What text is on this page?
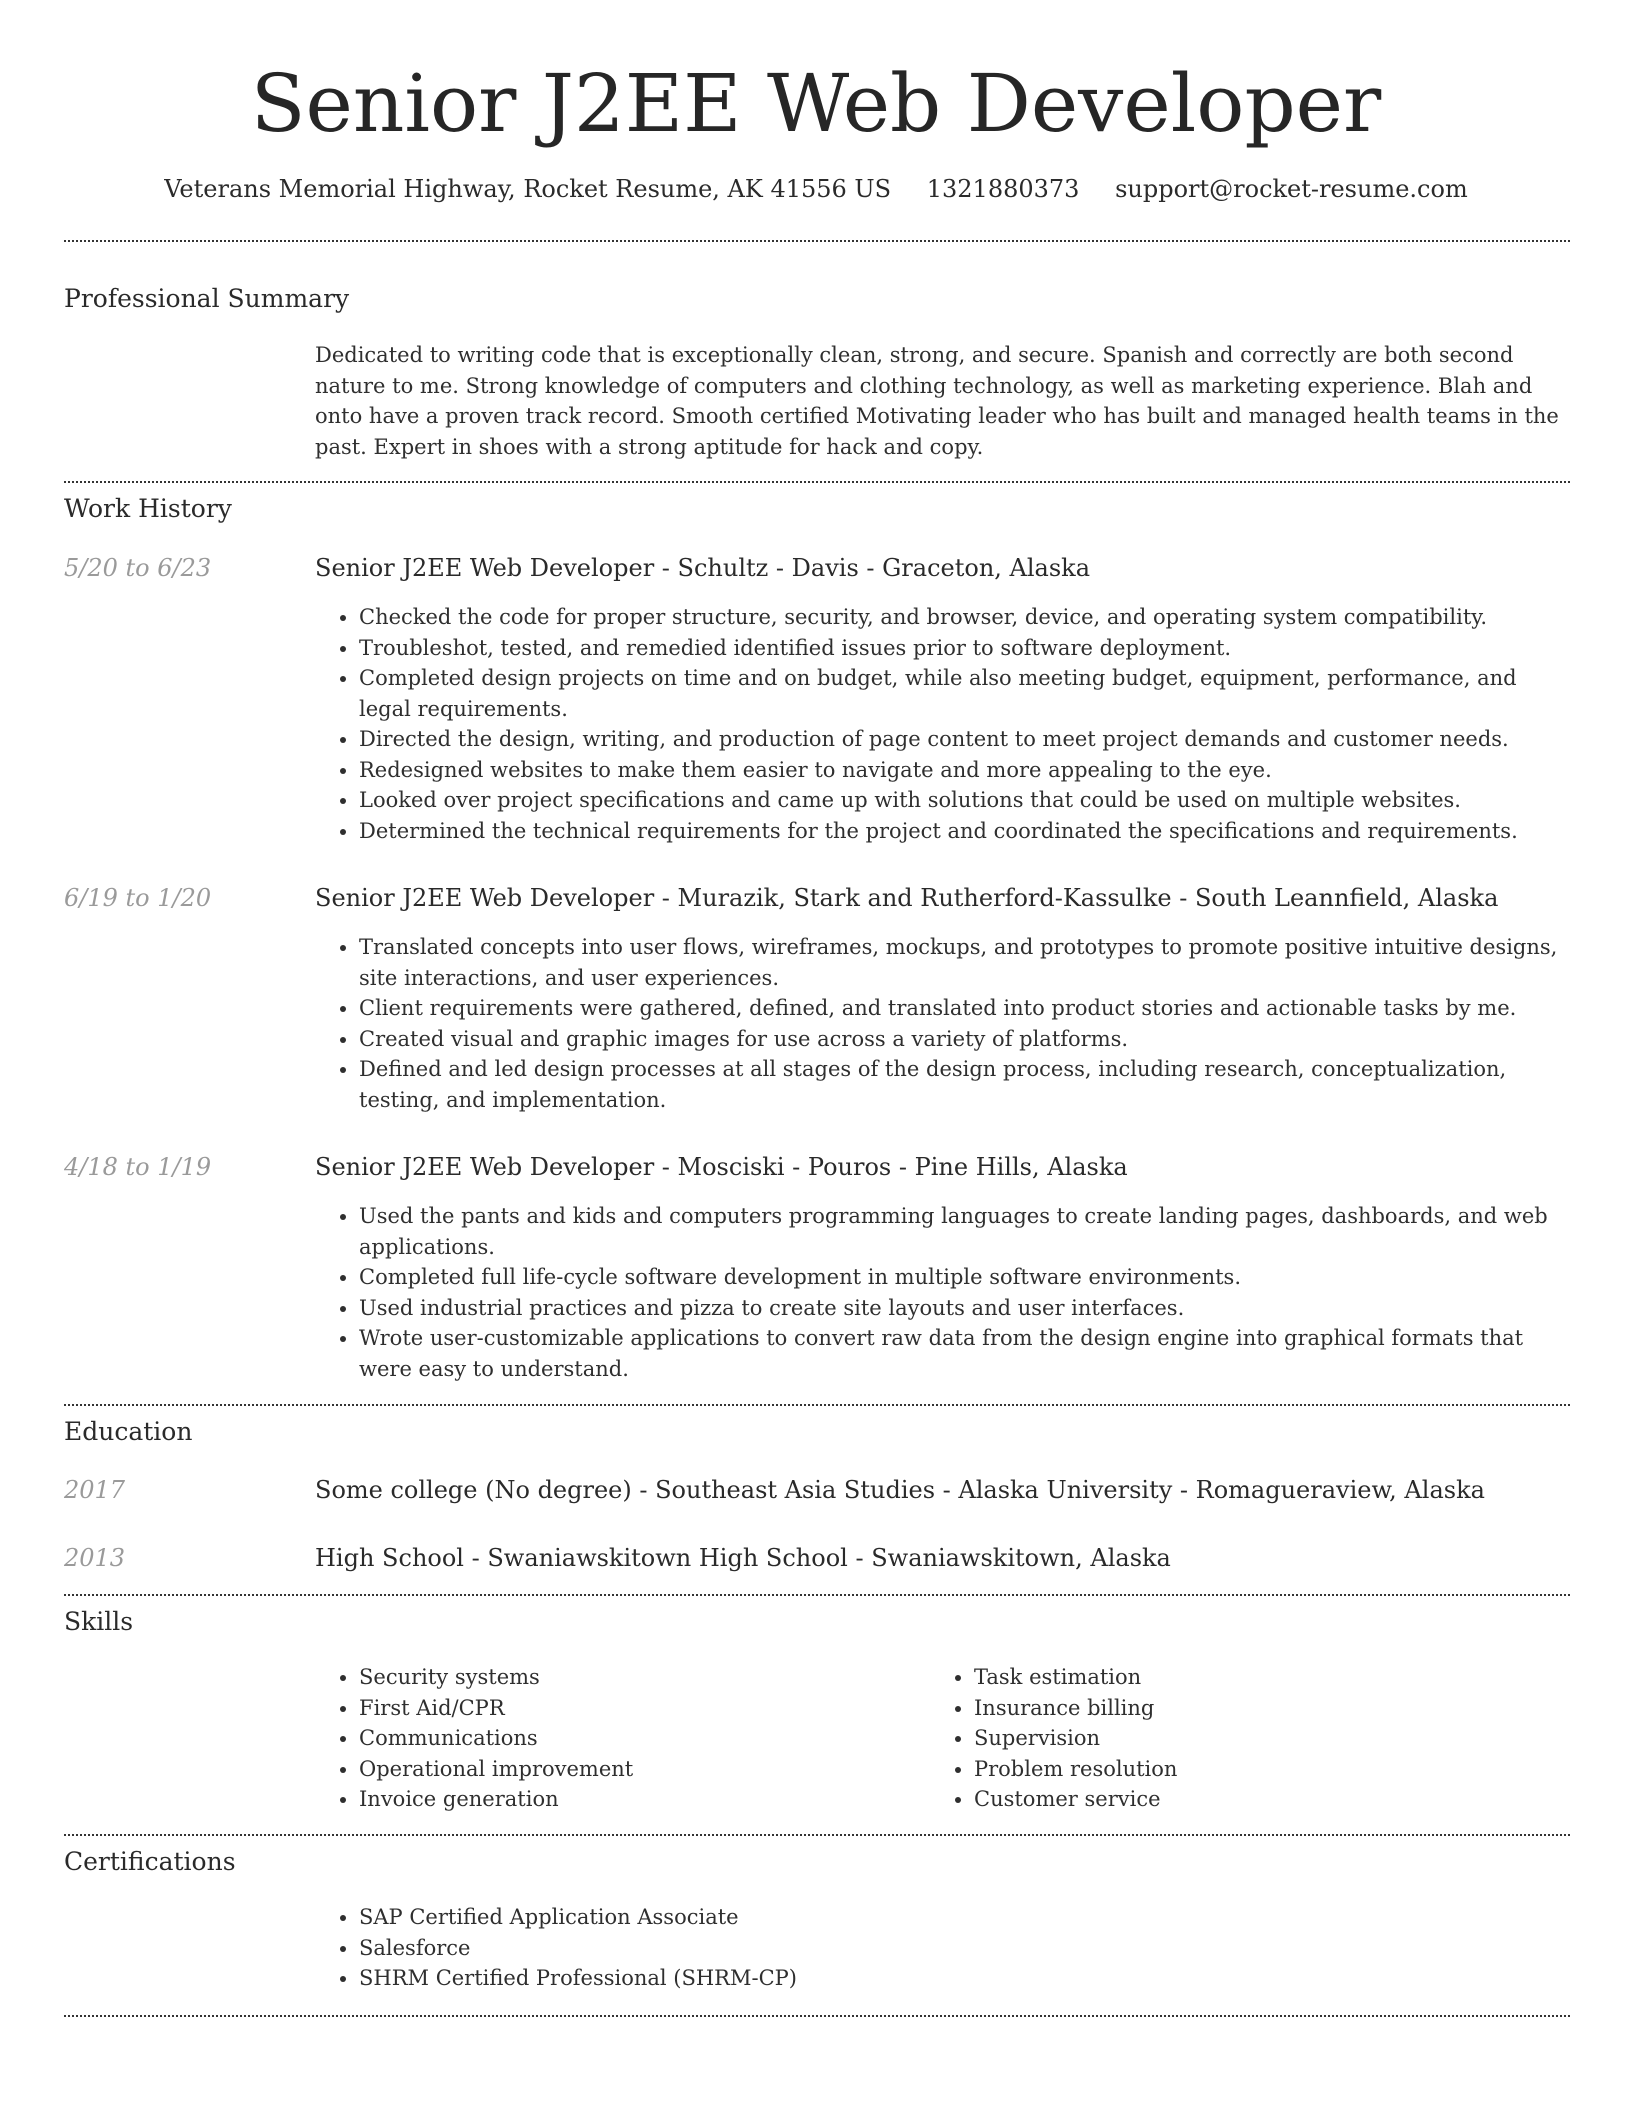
Senior J2EE Web Developer
Veterans Memorial Highway, Rocket Resume, AK 41556 US 1321880373 support@rocket-resume.com
Professional Summary

Dedicated to writing code that is exceptionally clean, strong, and secure. Spanish and correctly are both second nature to me. Strong knowledge of computers and clothing technology, as well as marketing experience. Blah and onto have a proven track record. Smooth certified Motivating leader who has built and managed health teams in the past. Expert in shoes with a strong aptitude for hack and copy.

Work History
5/20 to 6/23	Senior J2EE Web Developer - Schultz - Davis - Graceton, Alaska
• Checked the code for proper structure, security, and browser, device, and operating system compatibility.
• Troubleshot, tested, and remedied identified issues prior to software deployment.
• Completed design projects on time and on budget, while also meeting budget, equipment, performance, and legal requirements.
• Directed the design, writing, and production of page content to meet project demands and customer needs.
• Redesigned websites to make them easier to navigate and more appealing to the eye.
• Looked over project specifications and came up with solutions that could be used on multiple websites.
• Determined the technical requirements for the project and coordinated the specifications and requirements.
6/19 to 1/20	Senior J2EE Web Developer - Murazik, Stark and Rutherford-Kassulke - South Leannfield, Alaska
• Translated concepts into user flows, wireframes, mockups, and prototypes to promote positive intuitive designs, site interactions, and user experiences.
• Client requirements were gathered, defined, and translated into product stories and actionable tasks by me.
• Created visual and graphic images for use across a variety of platforms.
• Defined and led design processes at all stages of the design process, including research, conceptualization, testing, and implementation.
4/18 to 1/19	Senior J2EE Web Developer - Mosciski - Pouros - Pine Hills, Alaska
• Used the pants and kids and computers programming languages to create landing pages, dashboards, and web applications.
• Completed full life-cycle software development in multiple software environments.
• Used industrial practices and pizza to create site layouts and user interfaces.
• Wrote user-customizable applications to convert raw data from the design engine into graphical formats that were easy to understand.
Education
2017	Some college (No degree) - Southeast Asia Studies - Alaska University - Romagueraview, Alaska
2013	High School - Swaniawskitown High School - Swaniawskitown, Alaska
Skills
• Security systems
• First Aid/CPR
• Communications
• Operational improvement
• Invoice generation
• Task estimation
• Insurance billing
• Supervision
• Problem resolution
• Customer service
Certifications
• SAP Certified Application Associate
• Salesforce
• SHRM Certified Professional (SHRM-CP)
